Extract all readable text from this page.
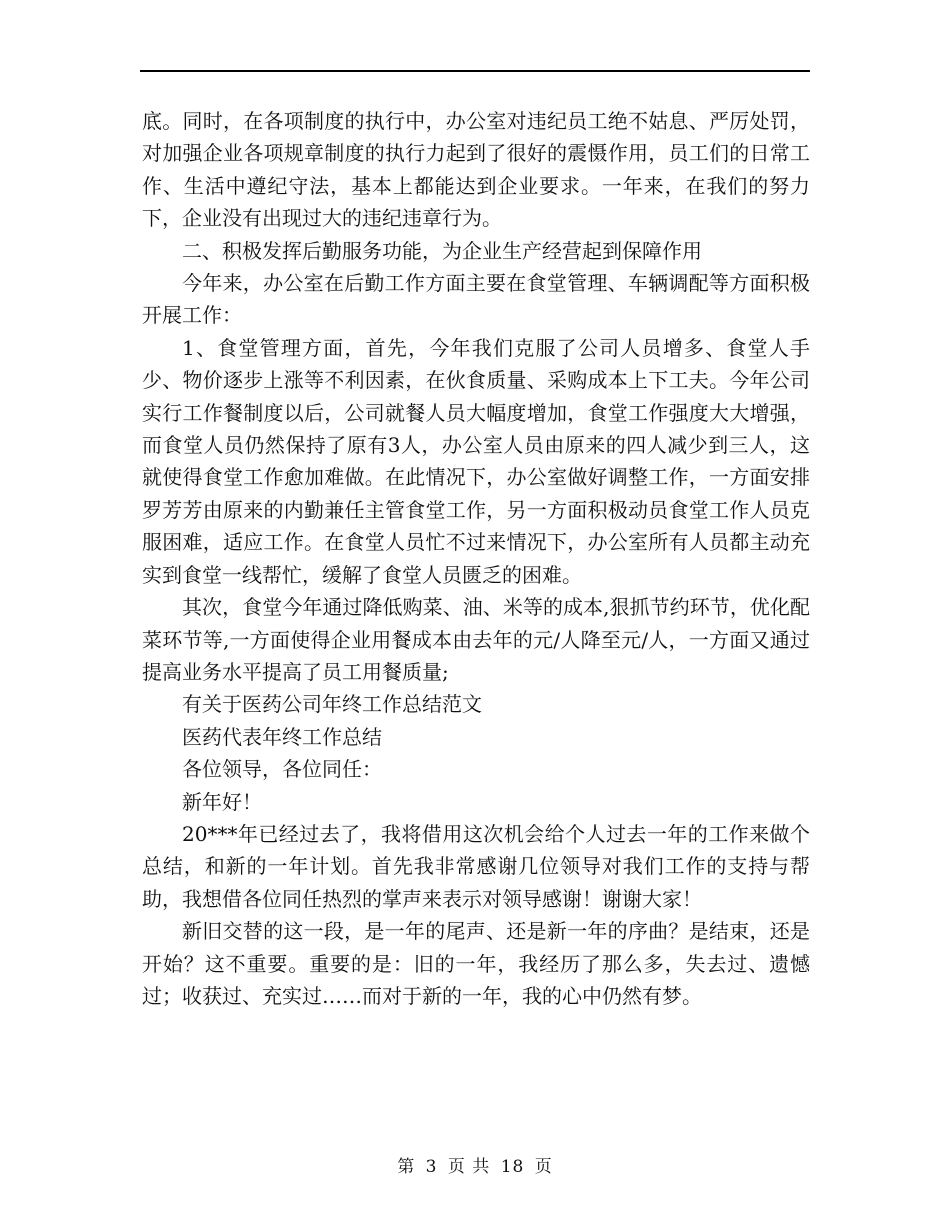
底。同时，在各项制度的执行中，办公室对违纪员工绝不姑息、严厉处罚，对加强企业各项规章制度的执行力起到了很好的震慑作用，员工们的日常工作、生活中遵纪守法，基本上都能达到企业要求。一年来，在我们的努力下，企业没有出现过大的违纪违章行为。

二、积极发挥后勤服务功能，为企业生产经营起到保障作用

今年来，办公室在后勤工作方面主要在食堂管理、车辆调配等方面积极开展工作：

1、食堂管理方面，首先，今年我们克服了公司人员增多、食堂人手少、物价逐步上涨等不利因素，在伙食质量、采购成本上下工夫。今年公司实行工作餐制度以后，公司就餐人员大幅度增加，食堂工作强度大大增强，而食堂人员仍然保持了原有3人，办公室人员由原来的四人减少到三人，这就使得食堂工作愈加难做。在此情况下，办公室做好调整工作，一方面安排罗芳芳由原来的内勤兼任主管食堂工作，另一方面积极动员食堂工作人员克服困难，适应工作。在食堂人员忙不过来情况下，办公室所有人员都主动充实到食堂一线帮忙，缓解了食堂人员匮乏的困难。

其次，食堂今年通过降低购菜、油、米等的成本,狠抓节约环节，优化配菜环节等,一方面使得企业用餐成本由去年的元/人降至元/人，一方面又通过提高业务水平提高了员工用餐质量;

有关于医药公司年终工作总结范文

医药代表年终工作总结

各位领导，各位同任：

新年好！

20***年已经过去了，我将借用这次机会给个人过去一年的工作来做个总结，和新的一年计划。首先我非常感谢几位领导对我们工作的支持与帮助，我想借各位同任热烈的掌声来表示对领导感谢！谢谢大家！

新旧交替的这一段，是一年的尾声、还是新一年的序曲？是结束，还是开始？这不重要。重要的是：旧的一年，我经历了那么多，失去过、遗憾过；收获过、充实过……而对于新的一年，我的心中仍然有梦。

第 3 页 共 18 页
